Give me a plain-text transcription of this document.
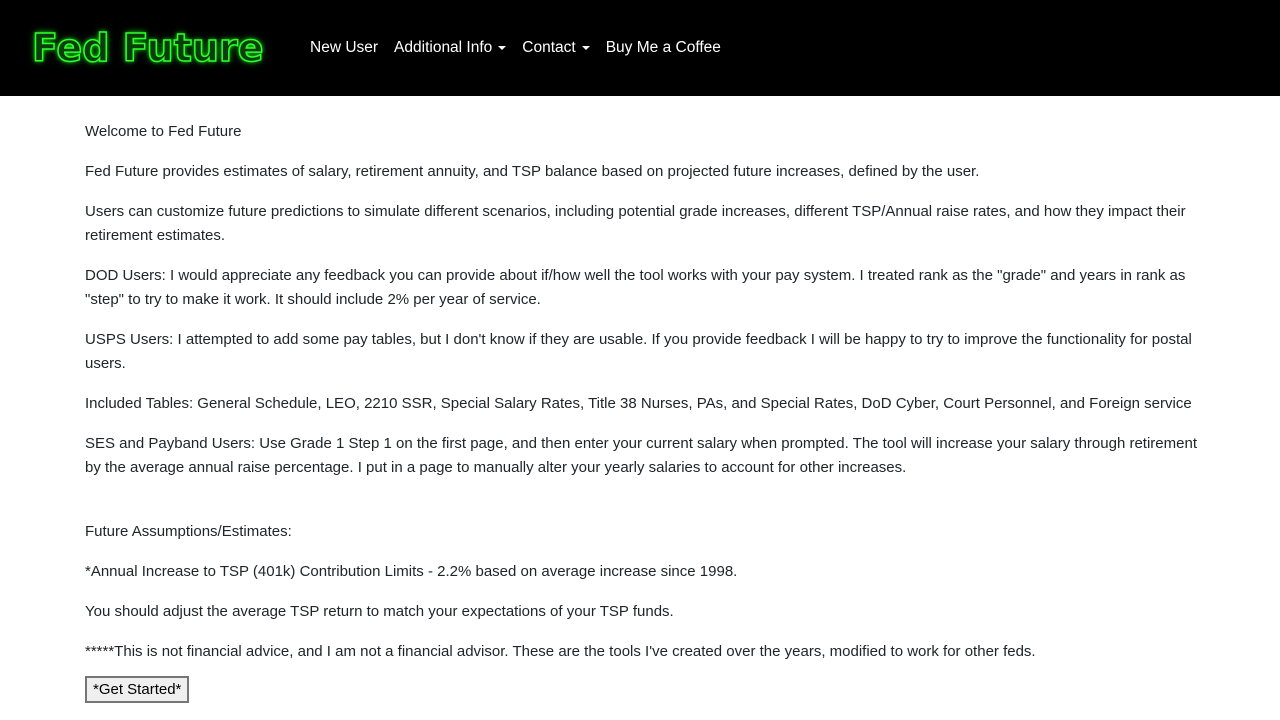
Fed Future	New User Additional Info Contact Buy Me a Coffee

Welcome to Fed Future

Fed Future provides estimates of salary, retirement annuity, and TSP balance based on projected future increases, defined by the user.

Users can customize future predictions to simulate different scenarios, including potential grade increases, different TSP/Annual raise rates, and how they impact their retirement estimates.

DOD Users: I would appreciate any feedback you can provide about if/how well the tool works with your pay system. I treated rank as the "grade" and years in rank as "step" to try to make it work. It should include 2% per year of service.

USPS Users: I attempted to add some pay tables, but I don't know if they are usable. If you provide feedback I will be happy to try to improve the functionality for postal users.

Included Tables: General Schedule, LEO, 2210 SSR, Special Salary Rates, Title 38 Nurses, PAs, and Special Rates, DoD Cyber, Court Personnel, and Foreign service

SES and Payband Users: Use Grade 1 Step 1 on the first page, and then enter your current salary when prompted. The tool will increase your salary through retirement by the average annual raise percentage. I put in a page to manually alter your yearly salaries to account for other increases.

Future Assumptions/Estimates:

*Annual Increase to TSP (401k) Contribution Limits - 2.2% based on average increase since 1998.

You should adjust the average TSP return to match your expectations of your TSP funds.

*****This is not financial advice, and I am not a financial advisor. These are the tools I've created over the years, modified to work for other feds.

*Get Started*
